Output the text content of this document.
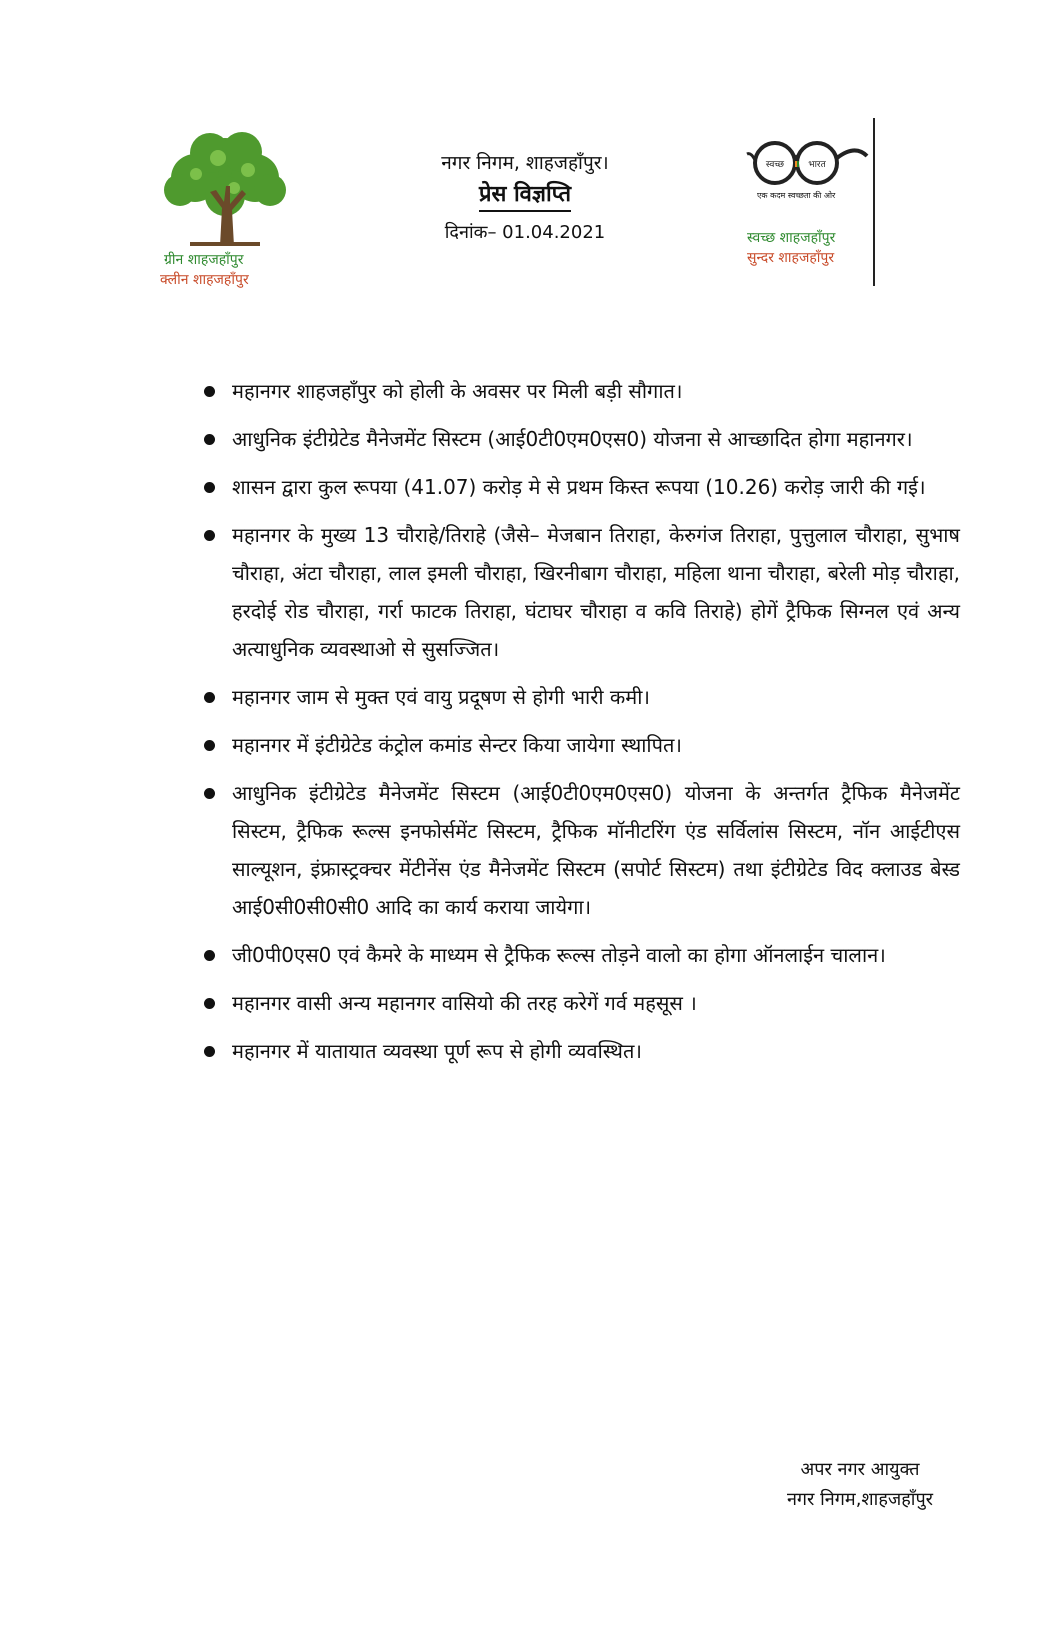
ग्रीन शाहजहाँपुर
क्लीन शाहजहाँपुर
नगर निगम, शाहजहाँपुर।
प्रेस विज्ञप्ति
दिनांक– 01.04.2021
स्वच्छ	भारत
एक कदम स्वच्छता की ओर
स्वच्छ शाहजहाँपुर
सुन्दर शाहजहाँपुर
महानगर शाहजहाँपुर को होली के अवसर पर मिली बड़ी सौगात।
आधुनिक इंटीग्रेटेड मैनेजमेंट सिस्टम (आई0टी0एम0एस0) योजना से आच्छादित होगा महानगर।
शासन द्वारा कुल रूपया (41.07) करोड़ मे से प्रथम किस्त रूपया (10.26) करोड़ जारी की गई।
महानगर के मुख्य 13 चौराहे/तिराहे (जैसे– मेजबान तिराहा, केरुगंज तिराहा, पुत्तुलाल चौराहा, सुभाष चौराहा, अंटा चौराहा, लाल इमली चौराहा, खिरनीबाग चौराहा, महिला थाना चौराहा, बरेली मोड़ चौराहा, हरदोई रोड चौराहा, गर्रा फाटक तिराहा, घंटाघर चौराहा व कवि तिराहे) होगें ट्रैफिक सिग्नल एवं अन्य अत्याधुनिक व्यवस्थाओ से सुसज्जित।
महानगर जाम से मुक्त एवं वायु प्रदूषण से होगी भारी कमी।
महानगर में इंटीग्रेटेड कंट्रोल कमांड सेन्टर किया जायेगा स्थापित।
आधुनिक इंटीग्रेटेड मैनेजमेंट सिस्टम (आई0टी0एम0एस0) योजना के अन्तर्गत ट्रैफिक मैनेजमेंट सिस्टम, ट्रैफिक रूल्स इनफोर्समेंट सिस्टम, ट्रैफिक मॉनीटरिंग एंड सर्विलांस सिस्टम, नॉन आईटीएस साल्यूशन, इंफ्रास्ट्रक्चर मेंटीनेंस एंड मैनेजमेंट सिस्टम (सपोर्ट सिस्टम) तथा इंटीग्रेटेड विद क्लाउड बेस्ड आई0सी0सी0सी0 आदि का कार्य कराया जायेगा।
जी0पी0एस0 एवं कैमरे के माध्यम से ट्रैफिक रूल्स तोड़ने वालो का होगा ऑनलाईन चालान।
महानगर वासी अन्य महानगर वासियो की तरह करेगें गर्व महसूस ।
महानगर में यातायात व्यवस्था पूर्ण रूप से होगी व्यवस्थित।
अपर नगर आयुक्त
नगर निगम,शाहजहाँपुर
